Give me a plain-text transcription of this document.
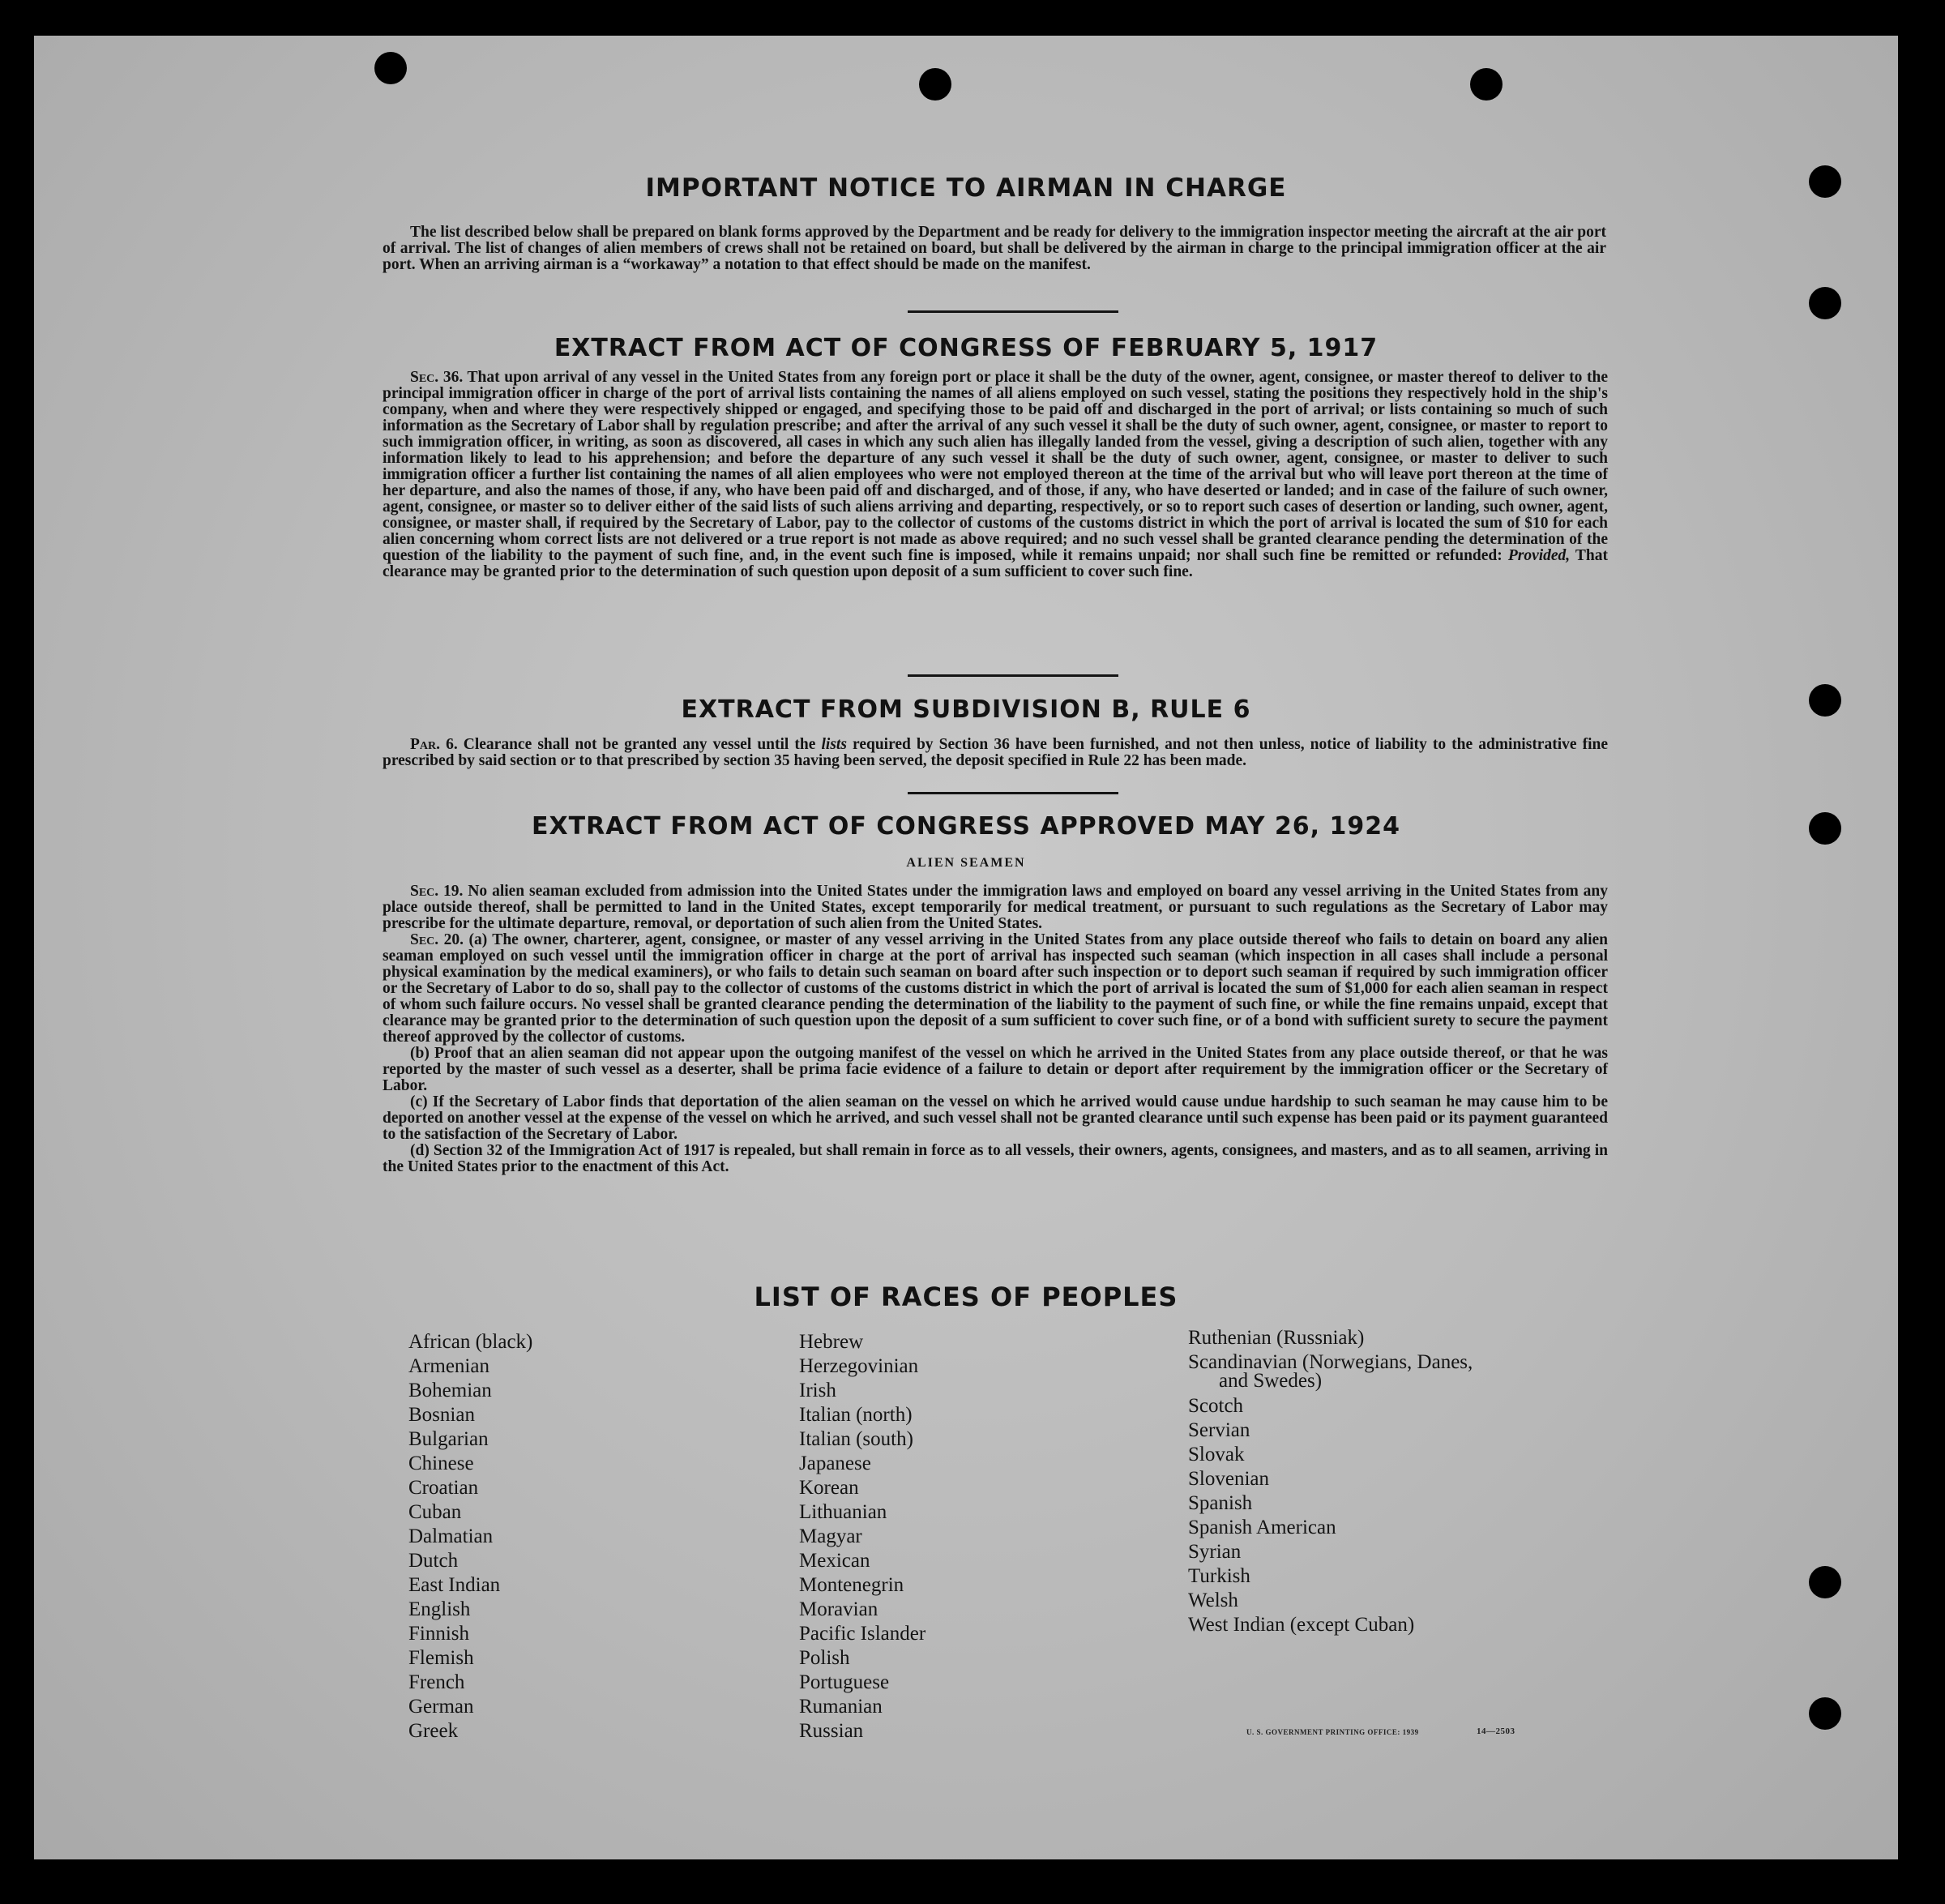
IMPORTANT NOTICE TO AIRMAN IN CHARGE

The list described below shall be prepared on blank forms approved by the Department and be ready for delivery to the immigration inspector meeting the aircraft at the air port of arrival. The list of changes of alien members of crews shall not be retained on board, but shall be delivered by the airman in charge to the principal immigration officer at the air port. When an arriving airman is a “workaway” a notation to that effect should be made on the manifest.

EXTRACT FROM ACT OF CONGRESS OF FEBRUARY 5, 1917

Sec. 36. That upon arrival of any vessel in the United States from any foreign port or place it shall be the duty of the owner, agent, consignee, or master thereof to deliver to the principal immigration officer in charge of the port of arrival lists containing the names of all aliens employed on such vessel, stating the positions they respectively hold in the ship's company, when and where they were respectively shipped or engaged, and specifying those to be paid off and discharged in the port of arrival; or lists containing so much of such information as the Secretary of Labor shall by regulation prescribe; and after the arrival of any such vessel it shall be the duty of such owner, agent, consignee, or master to report to such immigration officer, in writing, as soon as discovered, all cases in which any such alien has illegally landed from the vessel, giving a description of such alien, together with any information likely to lead to his apprehension; and before the departure of any such vessel it shall be the duty of such owner, agent, consignee, or master to deliver to such immigration officer a further list containing the names of all alien employees who were not employed thereon at the time of the arrival but who will leave port thereon at the time of her departure, and also the names of those, if any, who have been paid off and discharged, and of those, if any, who have deserted or landed; and in case of the failure of such owner, agent, consignee, or master so to deliver either of the said lists of such aliens arriving and departing, respectively, or so to report such cases of desertion or landing, such owner, agent, consignee, or master shall, if required by the Secretary of Labor, pay to the collector of customs of the customs district in which the port of arrival is located the sum of $10 for each alien concerning whom correct lists are not delivered or a true report is not made as above required; and no such vessel shall be granted clearance pending the determination of the question of the liability to the payment of such fine, and, in the event such fine is imposed, while it remains unpaid; nor shall such fine be remitted or refunded: Provided, That clearance may be granted prior to the determination of such question upon deposit of a sum sufficient to cover such fine.

EXTRACT FROM SUBDIVISION B, RULE 6

Par. 6. Clearance shall not be granted any vessel until the lists required by Section 36 have been furnished, and not then unless, notice of liability to the administrative fine prescribed by said section or to that prescribed by section 35 having been served, the deposit specified in Rule 22 has been made.

EXTRACT FROM ACT OF CONGRESS APPROVED MAY 26, 1924
ALIEN SEAMEN

Sec. 19. No alien seaman excluded from admission into the United States under the immigration laws and employed on board any vessel arriving in the United States from any place outside thereof, shall be permitted to land in the United States, except temporarily for medical treatment, or pursuant to such regulations as the Secretary of Labor may prescribe for the ultimate departure, removal, or deportation of such alien from the United States.

Sec. 20. (a) The owner, charterer, agent, consignee, or master of any vessel arriving in the United States from any place outside thereof who fails to detain on board any alien seaman employed on such vessel until the immigration officer in charge at the port of arrival has inspected such seaman (which inspection in all cases shall include a personal physical examination by the medical examiners), or who fails to detain such seaman on board after such inspection or to deport such seaman if required by such immigration officer or the Secretary of Labor to do so, shall pay to the collector of customs of the customs district in which the port of arrival is located the sum of $1,000 for each alien seaman in respect of whom such failure occurs. No vessel shall be granted clearance pending the determination of the liability to the payment of such fine, or while the fine remains unpaid, except that clearance may be granted prior to the determination of such question upon the deposit of a sum sufficient to cover such fine, or of a bond with sufficient surety to secure the payment thereof approved by the collector of customs.

(b) Proof that an alien seaman did not appear upon the outgoing manifest of the vessel on which he arrived in the United States from any place outside thereof, or that he was reported by the master of such vessel as a deserter, shall be prima facie evidence of a failure to detain or deport after requirement by the immigration officer or the Secretary of Labor.

(c) If the Secretary of Labor finds that deportation of the alien seaman on the vessel on which he arrived would cause undue hardship to such seaman he may cause him to be deported on another vessel at the expense of the vessel on which he arrived, and such vessel shall not be granted clearance until such expense has been paid or its payment guaranteed to the satisfaction of the Secretary of Labor.

(d) Section 32 of the Immigration Act of 1917 is repealed, but shall remain in force as to all vessels, their owners, agents, consignees, and masters, and as to all seamen, arriving in the United States prior to the enactment of this Act.

LIST OF RACES OF PEOPLES
African (black)
Armenian
Bohemian
Bosnian
Bulgarian
Chinese
Croatian
Cuban
Dalmatian
Dutch
East Indian
English
Finnish
Flemish
French
German
Greek
Hebrew
Herzegovinian
Irish
Italian (north)
Italian (south)
Japanese
Korean
Lithuanian
Magyar
Mexican
Montenegrin
Moravian
Pacific Islander
Polish
Portuguese
Rumanian
Russian
Ruthenian (Russniak)
Scandinavian (Norwegians, Danes,
and Swedes)
Scotch
Servian
Slovak
Slovenian
Spanish
Spanish American
Syrian
Turkish
Welsh
West Indian (except Cuban)
U. S. GOVERNMENT PRINTING OFFICE: 1939	14—2503
